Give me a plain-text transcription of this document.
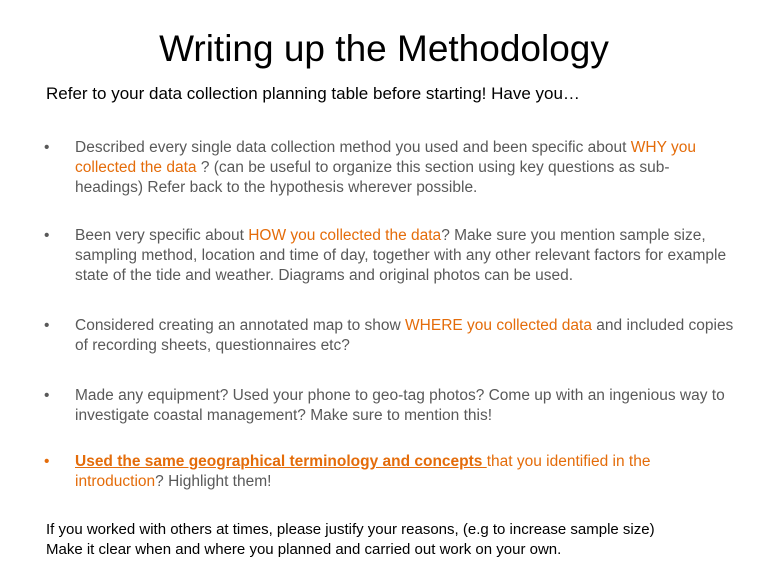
Writing up the Methodology

Refer to your data collection planning table before starting! Have you…

•	Described every single data collection method you used and been specific about WHY you collected the data ? (can be useful to organize this section using key questions as sub-headings) Refer back to the hypothesis wherever possible.
•	Been very specific about HOW you collected the data? Make sure you mention sample size, sampling method, location and time of day, together with any other relevant factors for example state of the tide and weather. Diagrams and original photos can be used.
•	Considered creating an annotated map to show WHERE you collected data and included copies of recording sheets, questionnaires etc?
•	Made any equipment? Used your phone to geo-tag photos? Come up with an ingenious way to investigate coastal management? Make sure to mention this!
•	Used the same geographical terminology and concepts that you identified in the introduction? Highlight them!

If you worked with others at times, please justify your reasons, (e.g to increase sample size)
Make it clear when and where you planned and carried out work on your own.
